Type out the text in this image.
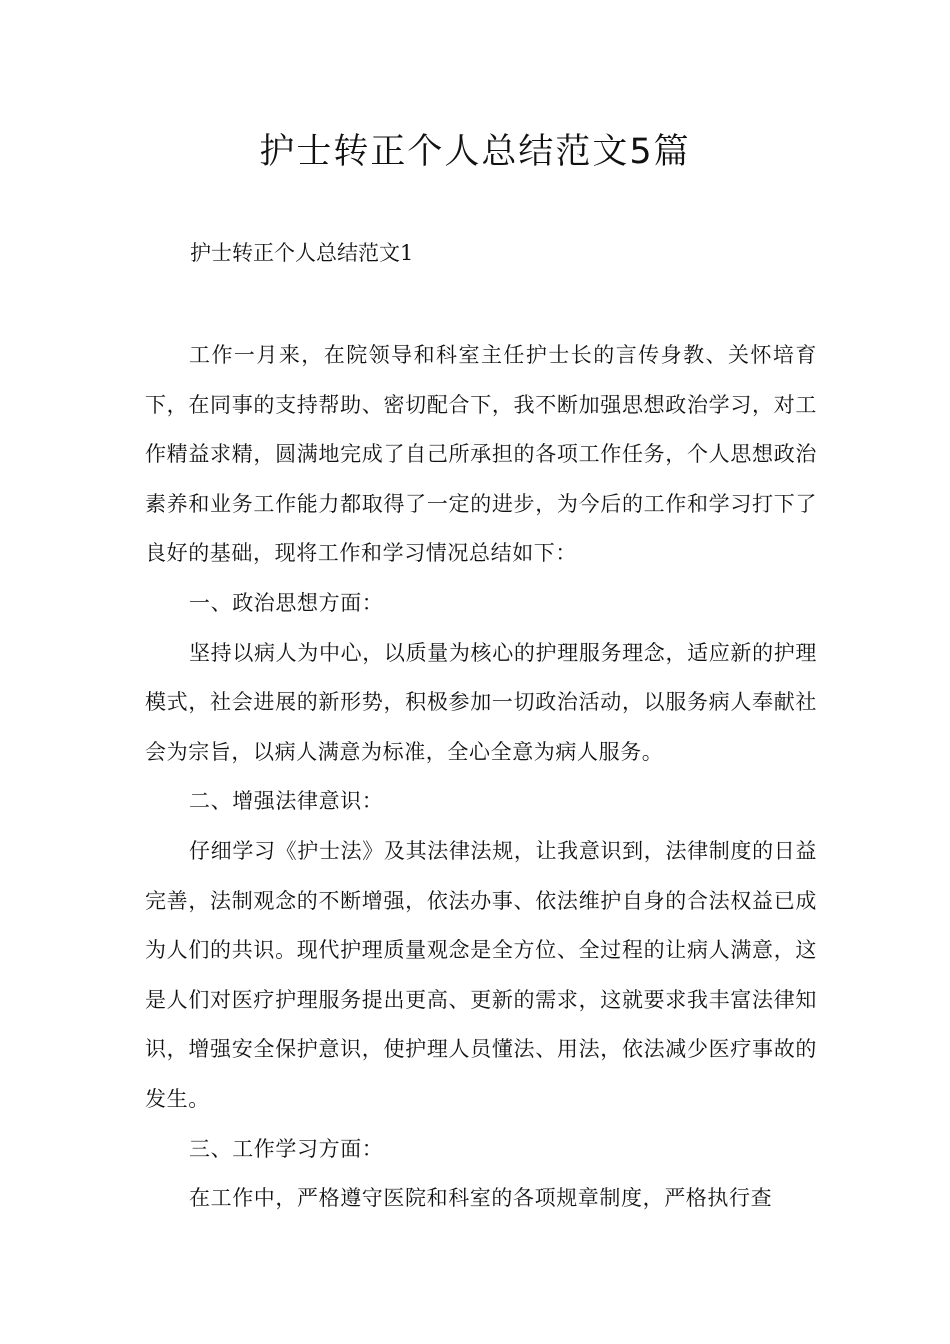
护士转正个人总结范文5篇

护士转正个人总结范文1

工作一月来，在院领导和科室主任护士长的言传身教、关怀培育下，在同事的支持帮助、密切配合下，我不断加强思想政治学习，对工作精益求精，圆满地完成了自己所承担的各项工作任务，个人思想政治素养和业务工作能力都取得了一定的进步，为今后的工作和学习打下了良好的基础，现将工作和学习情况总结如下：

一、政治思想方面：

坚持以病人为中心，以质量为核心的护理服务理念，适应新的护理模式，社会进展的新形势，积极参加一切政治活动，以服务病人奉献社会为宗旨，以病人满意为标准，全心全意为病人服务。

二、增强法律意识：

仔细学习《护士法》及其法律法规，让我意识到，法律制度的日益完善，法制观念的不断增强，依法办事、依法维护自身的合法权益已成为人们的共识。现代护理质量观念是全方位、全过程的让病人满意，这是人们对医疗护理服务提出更高、更新的需求，这就要求我丰富法律知识，增强安全保护意识，使护理人员懂法、用法，依法减少医疗事故的发生。

三、工作学习方面：

在工作中，严格遵守医院和科室的各项规章制度，严格执行查
